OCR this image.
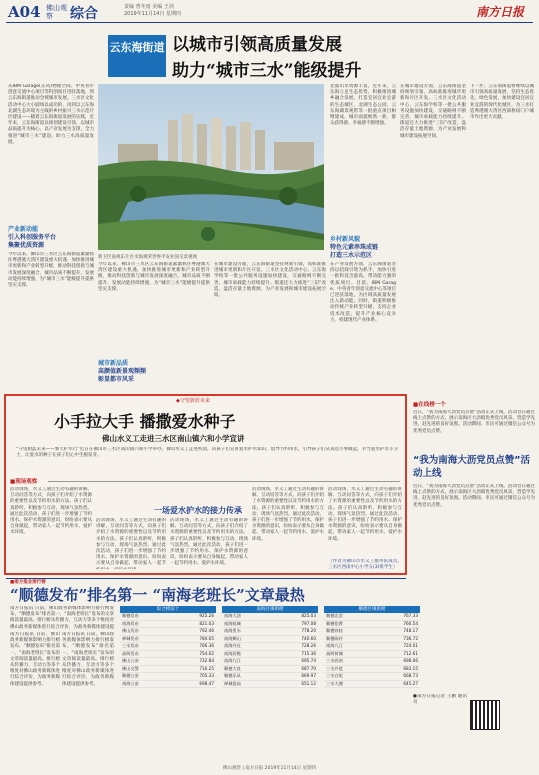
A04 佛山观察	综合	责编 曾冬雨 美编 王剑
2019年11月14日 星期四	南方日报
云东海街道 以城市引领高质量发展
助力“城市三水”能级提升
从IBM Garage(东风)物理空间、中英青年创意交流中心项目等科创项目进驻落地，到云东海街道推动全域城市发展。三水区文化活动中心大小剧场以成功的，再到以云东海北湖生态环境为主线的乡村振兴三水示范片区建设——随着云东海街道发展的实践，近年来，云东海街道以规划建设引领，以城市品质提升为核心，以产业发展为支撑，全力推进“城市三水”建设，助力三水高质量发展。
产业新动能
引入科创服务平台
集聚优质资源
今年以来，佛山市三水区云东海街道紧紧抓住粤港澳大湾区建设重大机遇，加快推进城市更新和产业转型升级，推动科技创新与城市发展深度融合，城市品质不断提升，发展动能持续增强，为“城市三水”能级提升提供坚实支撑。
新卫区南视东片区水海观荣世界平安业国交景观网
北面山水资源丰富，近年来，云东海立足生态优势，积极推进城乡融合发展，打造宜居宜业宜游的生态城区，北湖生态公园、云东海湖景观带等一批重点项目相继建成，城市面貌焕然一新，群众获得感、幸福感不断增强。
乡村新风貌
特色元素串珠成链
打造三水示范区
在产业发展方面，云东海街道坚持以招商引资为抓手，加快引进一批科技含量高、带动能力强的优质项目。目前，IBM Garage、中英青年创意交流中心等项目已进驻落地，为区域高质量发展注入新动能。同时，街道积极推动传统产业转型升级，支持企业技术改造，提升产业核心竞争力，构建现代产业体系。
在城市建设方面，云东海街道坚持规划引领，高标准推进城市更新和片区开发。三水区文化活动中心、云东海学校等一批公共服务设施加快建设，交通路网不断完善，城市承载能力持续提升。街道还大力推进“三旧”改造，盘活存量土地资源，为产业发展和城市建设拓展空间。
下一步，云东海街道将继续以城市引领高质量发展，坚持生态优先、绿色发展，加快建设宜居宜业宜游的现代化城区，为三水打造粤港澳大湾区西部枢纽门户城市作出更大贡献。
今年以来，佛山市三水区云东海街道紧紧抓住粤港澳大湾区建设重大机遇，加快推进城市更新和产业转型升级，推动科技创新与城市发展深度融合，城市品质不断提升，发展动能持续增强，为“城市三水”能级提升提供坚实支撑。
城市新品质
高颜值新景观频频
彰显都市风采
在城市建设方面，云东海街道坚持规划引领，高标准推进城市更新和片区开发。三水区文化活动中心、云东海学校等一批公共服务设施加快建设，交通路网不断完善，城市承载能力持续提升。街道还大力推进“三旧”改造，盘活存量土地资源，为产业发展和城市建设拓展空间。
◆守望蔚蓝未来
小手拉大手 播撒爱水种子
佛山水义工走进三水区南山镇六和小学宣讲
“守望蔚蓝未来——擎天护水行”近日在佛山市三水区南山镇六和小学举办，佛山水义工走进校园，向孩子们宣讲爱水护水知识，倡导节约用水，引导孩子们从身边小事做起，争当爱水护水小卫士，让爱水的种子在孩子们心中生根发芽。
■现场观察
活动现场，水义工通过生动有趣的讲解、互动问答等方式，向孩子们介绍了水资源的重要性以及节约用水的方法。孩子们认真聆听，积极参与互动，现场气氛热烈。通过此次活动，孩子们进一步增强了节约用水、保护水资源的意识，纷纷表示要从自身做起，带动家人一起节约用水、爱护水环境。
活动现场，水义工通过生动有趣的讲解、互动问答等方式，向孩子们介绍了水资源的重要性以及节约用水的方法。孩子们认真聆听，积极参与互动，现场气氛热烈。通过此次活动，孩子们进一步增强了节约用水、保护水资源的意识，纷纷表示要从自身做起，带动家人一起节
一场爱水护水的接力传承
活动现场，水义工通过生动有趣的讲解、互动问答等方式，向孩子们介绍了水资源的重要性以及节约用水的方法。孩子们认真聆听，积极参与互动，现场气氛热烈。通过此次活动，孩子们进一步增强了节约用水、保护水资源的意识，纷纷表示要从自身做起，带动家人一起节约用水、爱护水环境。
活动现场，水义工通过生动有趣的讲解、互动问答等方式，向孩子们介绍了水资源的重要性以及节约用水的方法。孩子们认真聆听，积极参与互动，现场气氛热烈。通过此次活动，孩子们进一步增强了节约用水、保护水资源的意识，纷纷表示要从自身做起，带动家人一起节约用水、爱护水环境。
活动现场，水义工通过生动有趣的讲解、互动问答等方式，向孩子们介绍了水资源的重要性以及节约用水的方法。孩子们认真聆听，积极参与互动，现场气氛热烈。通过此次活动，孩子们进一步增强了节约用水、保护水资源的意识，纷纷表示要从自身做起，带动家人一起节约用水、爱护水环境。
（作者为佛山市水义工服务队成员、三水区西南中心小学五(3)班学生）
■在线榜一个
近日，“我为南海大沥党员点赞”活动正式上线，活动旨在通过线上点赞的方式，展示南海区大沥镇优秀党员风采，营造学先进、赶先进的良好氛围。活动期间，市民可通过微信公众号为优秀党员点赞。
“我为南海大沥党员点赞”活动上线
近日，“我为南海大沥党员点赞”活动正式上线，活动旨在通过线上点赞的方式，展示南海区大沥镇优秀党员风采，营造学先进、赶先进的良好氛围。活动期间，市民可通过微信公众号为优秀党员点赞。
●南方日报记者 王鹏 通讯员
■南方报业排行榜
“顺德发布”排名第一 “南海老班长”文章最热
南方日报讯 日前，佛山政务新媒体影响力排行榜发布，“顺德发布”排名第一，“南海老班长”发布的文章阅读量最高。排行榜从传播力、互动力等多个维度对佛山政务新媒体进行综合评价，为政务新媒体建设提
南方日报讯 日前，佛山政务新媒体影响力排行榜发布，“顺德发布”排名第一，“南海老班长”发布的文章阅读量最高。排行榜从传播力、互动力等多个维度对佛山政务新媒体进行综合评价，为政务新媒体建设提供参考。
南方日报讯 日前，佛山政务新媒体影响力排行榜发布，“顺德发布”排名第一，“南海老班长”发布的文章阅读量最高。排行榜从传播力、互动力等多个维度对佛山政务新媒体进行综合评价，为政务新媒体建设提供参考。
综合榜前十
顺德发布	925.26
南海发布	821.03
佛山发布	792.46
禅城发布	784.05
三水发布	766.36
高明发布	754.02
佛山公安	732.84
佛山交警	716.25
顺德公安	705.33
南海公安	698.47
南海区镇街榜
南海大沥	825.03
南海桂城	797.08
南海里水	778.20
南海狮山	740.60
南海丹灶	728.26
南海西樵	715.36
南海九江	695.74
顺德大良	687.70
顺德乐从	669.97
禅城祖庙	651.12
顺德区镇街榜
顺德北滘	767.33
顺德伦教	760.54
顺德容桂	748.17
顺德陈村	736.72
南海九江	724.01
高明荷城	712.61
三水西南	698.06
三水芦苞	683.15
三水白坭	668.73
三水大塘	645.27
佛山观察 | 南方日报 2019年11月14日 星期四
